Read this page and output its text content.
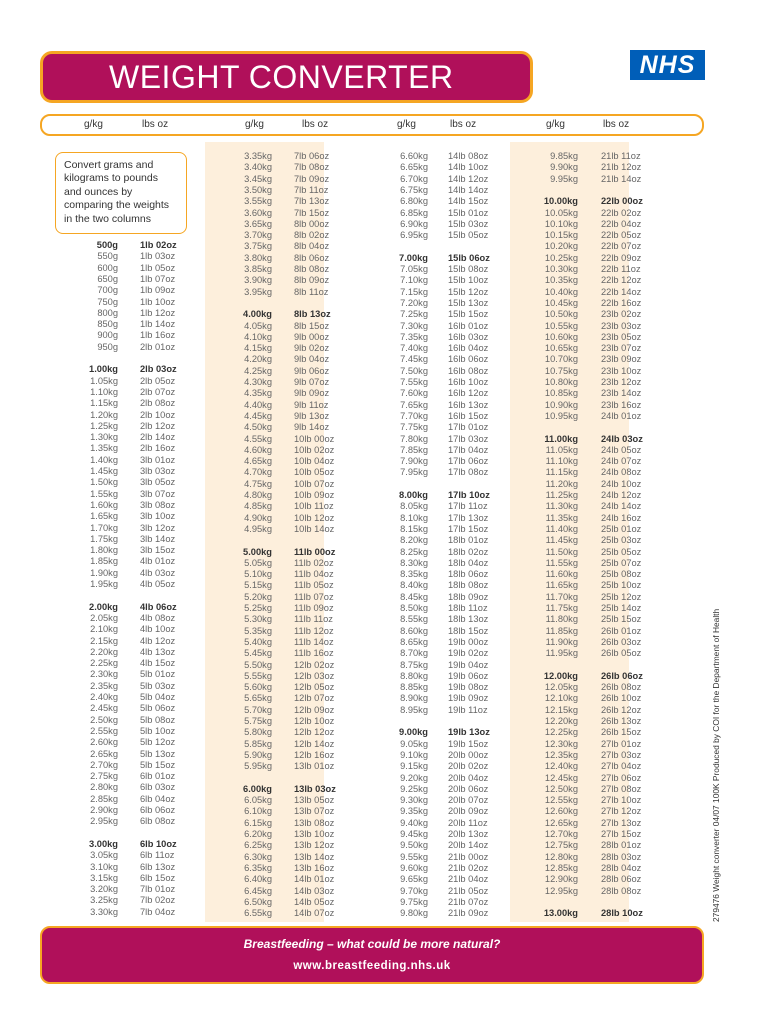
WEIGHT CONVERTER	NHS
g/kg	lbs oz	g/kg	lbs oz	g/kg	lbs oz	g/kg	lbs oz
Convert grams and kilograms to pounds and ounces by comparing the weights in the two columns
500g 1lb 02oz
550g 1lb 03oz
600g 1lb 05oz
650g 1lb 07oz
700g 1lb 09oz
750g 1lb 10oz
800g 1lb 12oz
850g 1lb 14oz
900g 1lb 16oz
950g 2lb 01oz
1.00kg 2lb 03oz
1.05kg 2lb 05oz
1.10kg 2lb 07oz
1.15kg 2lb 08oz
1.20kg 2lb 10oz
1.25kg 2lb 12oz
1.30kg 2lb 14oz
1.35kg 2lb 16oz
1.40kg 3lb 01oz
1.45kg 3lb 03oz
1.50kg 3lb 05oz
1.55kg 3lb 07oz
1.60kg 3lb 08oz
1.65kg 3lb 10oz
1.70kg 3lb 12oz
1.75kg 3lb 14oz
1.80kg 3lb 15oz
1.85kg 4lb 01oz
1.90kg 4lb 03oz
1.95kg 4lb 05oz
2.00kg 4lb 06oz
2.05kg 4lb 08oz
2.10kg 4lb 10oz
2.15kg 4lb 12oz
2.20kg 4lb 13oz
2.25kg 4lb 15oz
2.30kg 5lb 01oz
2.35kg 5lb 03oz
2.40kg 5lb 04oz
2.45kg 5lb 06oz
2.50kg 5lb 08oz
2.55kg 5lb 10oz
2.60kg 5lb 12oz
2.65kg 5lb 13oz
2.70kg 5lb 15oz
2.75kg 6lb 01oz
2.80kg 6lb 03oz
2.85kg 6lb 04oz
2.90kg 6lb 06oz
2.95kg 6lb 08oz
3.00kg 6lb 10oz
3.05kg 6lb 11oz
3.10kg 6lb 13oz
3.15kg 6lb 15oz
3.20kg 7lb 01oz
3.25kg 7lb 02oz
3.30kg 7lb 04oz
3.35kg 7lb 06oz
3.40kg 7lb 08oz
3.45kg 7lb 09oz
3.50kg 7lb 11oz
3.55kg 7lb 13oz
3.60kg 7lb 15oz
3.65kg 8lb 00oz
3.70kg 8lb 02oz
3.75kg 8lb 04oz
3.80kg 8lb 06oz
3.85kg 8lb 08oz
3.90kg 8lb 09oz
3.95kg 8lb 11oz
4.00kg 8lb 13oz
4.05kg 8lb 15oz
4.10kg 9lb 00oz
4.15kg 9lb 02oz
4.20kg 9lb 04oz
4.25kg 9lb 06oz
4.30kg 9lb 07oz
4.35kg 9lb 09oz
4.40kg 9lb 11oz
4.45kg 9lb 13oz
4.50kg 9lb 14oz
4.55kg 10lb 00oz
4.60kg 10lb 02oz
4.65kg 10lb 04oz
4.70kg 10lb 05oz
4.75kg 10lb 07oz
4.80kg 10lb 09oz
4.85kg 10lb 11oz
4.90kg 10lb 12oz
4.95kg 10lb 14oz
5.00kg 11lb 00oz
5.05kg 11lb 02oz
5.10kg 11lb 04oz
5.15kg 11lb 05oz
5.20kg 11lb 07oz
5.25kg 11lb 09oz
5.30kg 11lb 11oz
5.35kg 11lb 12oz
5.40kg 11lb 14oz
5.45kg 11lb 16oz
5.50kg 12lb 02oz
5.55kg 12lb 03oz
5.60kg 12lb 05oz
5.65kg 12lb 07oz
5.70kg 12lb 09oz
5.75kg 12lb 10oz
5.80kg 12lb 12oz
5.85kg 12lb 14oz
5.90kg 12lb 16oz
5.95kg 13lb 01oz
6.00kg 13lb 03oz
6.05kg 13lb 05oz
6.10kg 13lb 07oz
6.15kg 13lb 08oz
6.20kg 13lb 10oz
6.25kg 13lb 12oz
6.30kg 13lb 14oz
6.35kg 13lb 16oz
6.40kg 14lb 01oz
6.45kg 14lb 03oz
6.50kg 14lb 05oz
6.55kg 14lb 07oz
6.60kg 14lb 08oz
6.65kg 14lb 10oz
6.70kg 14lb 12oz
6.75kg 14lb 14oz
6.80kg 14lb 15oz
6.85kg 15lb 01oz
6.90kg 15lb 03oz
6.95kg 15lb 05oz
7.00kg 15lb 06oz
7.05kg 15lb 08oz
7.10kg 15lb 10oz
7.15kg 15lb 12oz
7.20kg 15lb 13oz
7.25kg 15lb 15oz
7.30kg 16lb 01oz
7.35kg 16lb 03oz
7.40kg 16lb 04oz
7.45kg 16lb 06oz
7.50kg 16lb 08oz
7.55kg 16lb 10oz
7.60kg 16lb 12oz
7.65kg 16lb 13oz
7.70kg 16lb 15oz
7.75kg 17lb 01oz
7.80kg 17lb 03oz
7.85kg 17lb 04oz
7.90kg 17lb 06oz
7.95kg 17lb 08oz
8.00kg 17lb 10oz
8.05kg 17lb 11oz
8.10kg 17lb 13oz
8.15kg 17lb 15oz
8.20kg 18lb 01oz
8.25kg 18lb 02oz
8.30kg 18lb 04oz
8.35kg 18lb 06oz
8.40kg 18lb 08oz
8.45kg 18lb 09oz
8.50kg 18lb 11oz
8.55kg 18lb 13oz
8.60kg 18lb 15oz
8.65kg 19lb 00oz
8.70kg 19lb 02oz
8.75kg 19lb 04oz
8.80kg 19lb 06oz
8.85kg 19lb 08oz
8.90kg 19lb 09oz
8.95kg 19lb 11oz
9.00kg 19lb 13oz
9.05kg 19lb 15oz
9.10kg 20lb 00oz
9.15kg 20lb 02oz
9.20kg 20lb 04oz
9.25kg 20lb 06oz
9.30kg 20lb 07oz
9.35kg 20lb 09oz
9.40kg 20lb 11oz
9.45kg 20lb 13oz
9.50kg 20lb 14oz
9.55kg 21lb 00oz
9.60kg 21lb 02oz
9.65kg 21lb 04oz
9.70kg 21lb 05oz
9.75kg 21lb 07oz
9.80kg 21lb 09oz
9.85kg 21lb 11oz
9.90kg 21lb 12oz
9.95kg 21lb 14oz
10.00kg 22lb 00oz
10.05kg 22lb 02oz
10.10kg 22lb 04oz
10.15kg 22lb 05oz
10.20kg 22lb 07oz
10.25kg 22lb 09oz
10.30kg 22lb 11oz
10.35kg 22lb 12oz
10.40kg 22lb 14oz
10.45kg 22lb 16oz
10.50kg 23lb 02oz
10.55kg 23lb 03oz
10.60kg 23lb 05oz
10.65kg 23lb 07oz
10.70kg 23lb 09oz
10.75kg 23lb 10oz
10.80kg 23lb 12oz
10.85kg 23lb 14oz
10.90kg 23lb 16oz
10.95kg 24lb 01oz
11.00kg 24lb 03oz
11.05kg 24lb 05oz
11.10kg 24lb 07oz
11.15kg 24lb 08oz
11.20kg 24lb 10oz
11.25kg 24lb 12oz
11.30kg 24lb 14oz
11.35kg 24lb 16oz
11.40kg 25lb 01oz
11.45kg 25lb 03oz
11.50kg 25lb 05oz
11.55kg 25lb 07oz
11.60kg 25lb 08oz
11.65kg 25lb 10oz
11.70kg 25lb 12oz
11.75kg 25lb 14oz
11.80kg 25lb 15oz
11.85kg 26lb 01oz
11.90kg 26lb 03oz
11.95kg 26lb 05oz
12.00kg 26lb 06oz
12.05kg 26lb 08oz
12.10kg 26lb 10oz
12.15kg 26lb 12oz
12.20kg 26lb 13oz
12.25kg 26lb 15oz
12.30kg 27lb 01oz
12.35kg 27lb 03oz
12.40kg 27lb 04oz
12.45kg 27lb 06oz
12.50kg 27lb 08oz
12.55kg 27lb 10oz
12.60kg 27lb 12oz
12.65kg 27lb 13oz
12.70kg 27lb 15oz
12.75kg 28lb 01oz
12.80kg 28lb 03oz
12.85kg 28lb 04oz
12.90kg 28lb 06oz
12.95kg 28lb 08oz
13.00kg 28lb 10oz
Breastfeeding – what could be more natural?
www.breastfeeding.nhs.uk
279476 Weight converter 04/07 100K Produced by COI for the Department of Health
